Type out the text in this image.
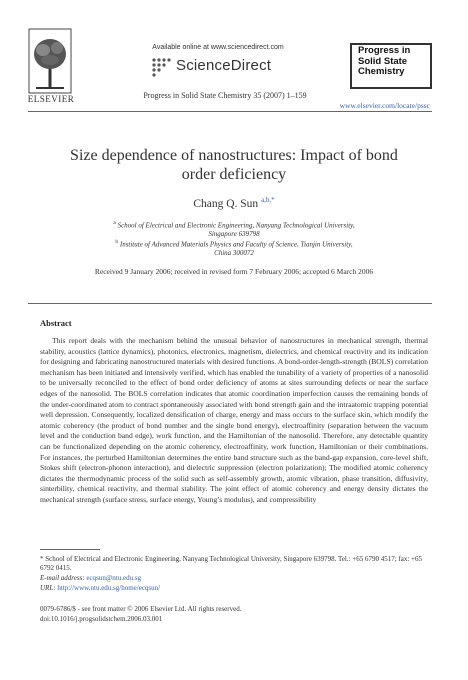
ELSEVIER
Available online at www.sciencedirect.com
ScienceDirect
Progress in Solid State Chemistry 35 (2007) 1–159
Progress in
Solid State
Chemistry
www.elsevier.com/locate/pssc
Size dependence of nanostructures: Impact of bond
order deficiency
Chang Q. Sun $^{a,b,*}$
$^a$ School of Electrical and Electronic Engineering, Nanyang Technological University,
Singapore 639798
$^b$ Institute of Advanced Materials Physics and Faculty of Science, Tianjin University,
China 300072
Received 9 January 2006; received in revised form 7 February 2006; accepted 6 March 2006
Abstract
This report deals with the mechanism behind the unusual behavior of nanostructures in mechanical strength, thermal stability, acoustics (lattice dynamics), photonics, electronics, magnetism, dielectrics, and chemical reactivity and its indication for designing and fabricating nanostructured materials with desired functions. A bond-order-length-strength (BOLS) correlation mechanism has been initiated and intensively verified, which has enabled the tunability of a variety of properties of a nanosolid to be universally reconciled to the effect of bond order deficiency of atoms at sites surrounding defects or near the surface edges of the nanosolid. The BOLS correlation indicates that atomic coordination imperfection causes the remaining bonds of the under-coordinated atom to contract spontaneously associated with bond strength gain and the intraatomic trapping potential well depression. Consequently, localized densification of charge, energy and mass occurs to the surface skin, which modify the atomic coherency (the product of bond number and the single bond energy), electroaffinity (separation between the vacuum level and the conduction band edge), work function, and the Hamiltonian of the nanosolid. Therefore, any detectable quantity can be functionalized depending on the atomic coherency, electroaffinity, work function, Hamiltonian or their combinations. For instances, the perturbed Hamiltonian determines the entire band structure such as the band-gap expansion, core-level shift, Stokes shift (electron-phonon interaction), and dielectric suppression (electron polarization); The modified atomic coherency dictates the thermodynamic process of the solid such as self-assembly growth, atomic vibration, phase transition, diffusivity, sinterbility, chemical reactivity, and thermal stability. The joint effect of atomic coherency and energy density dictates the mechanical strength (surface stress, surface energy, Young’s modulus), and compressibility
* School of Electrical and Electronic Engineering, Nanyang Technological University, Singapore 639798. Tel.: +65 6790 4517; fax: +65 6792 0415.
E-mail address: ecqsun@ntu.edu.sg
URL: http://www.ntu.edu.sg/home/ecqsun/
0079-6786/$ - see front matter © 2006 Elsevier Ltd. All rights reserved.
doi:10.1016/j.progsolidstchem.2006.03.001
